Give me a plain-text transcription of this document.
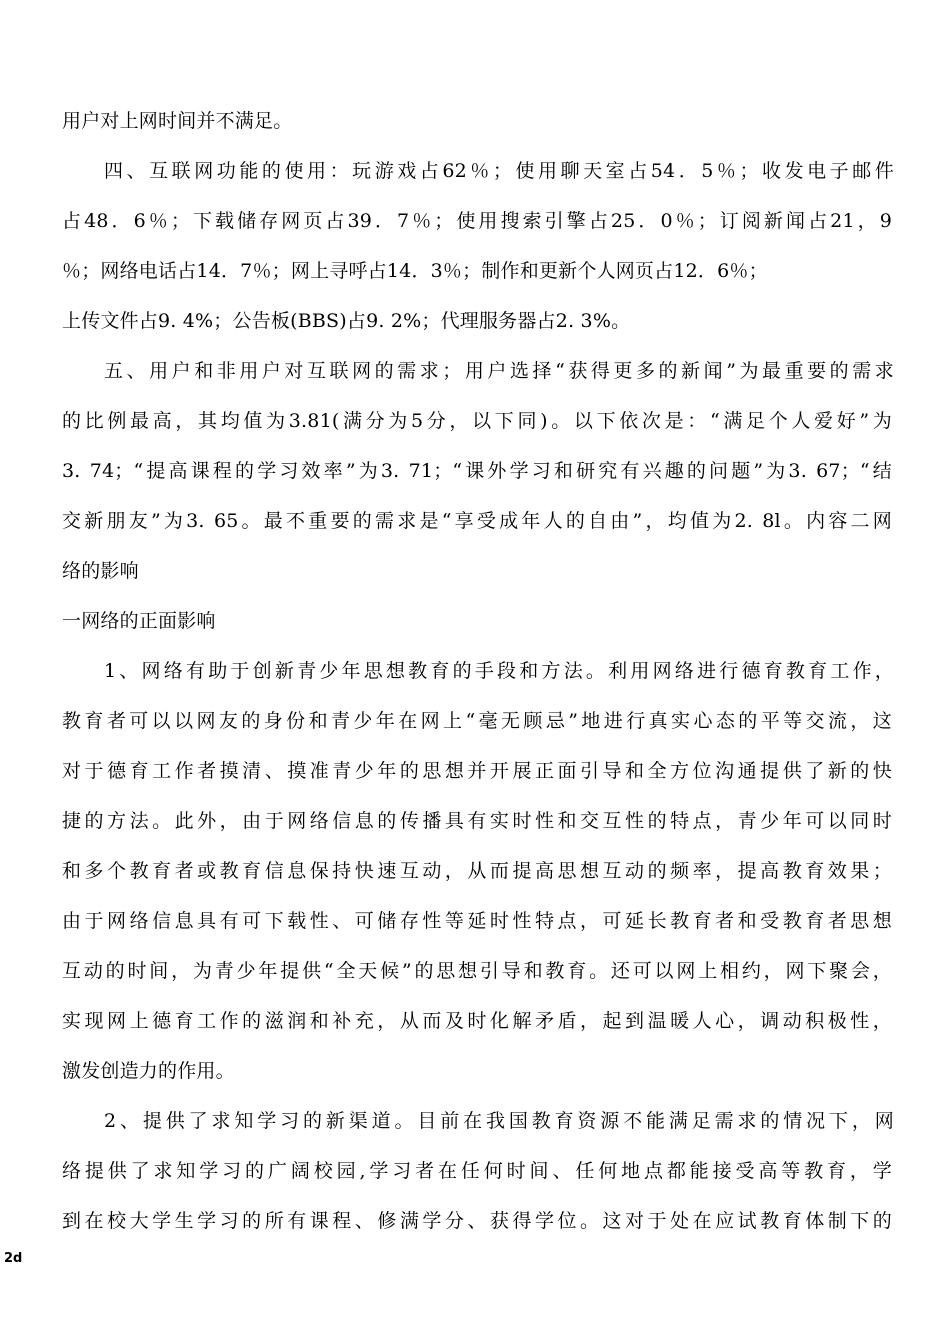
用户对上网时间并不满足。
四、互联网功能的使用：玩游戏占62％；使用聊天室占54．5％；收发电子邮件
占48．6％；下载储存网页占39．7％；使用搜索引擎占25．0％；订阅新闻占21，9
％；网络电话占14．7％；网上寻呼占14．3％；制作和更新个人网页占12．6％；
上传文件占9. 4%；公告板(BBS)占9. 2%；代理服务器占2. 3%。
五、用户和非用户对互联网的需求；用户选择“获得更多的新闻”为最重要的需求
的比例最高，其均值为3.81(满分为5分，以下同)。以下依次是：“满足个人爱好”为
3. 74；“提高课程的学习效率”为3. 71；“课外学习和研究有兴趣的问题”为3. 67；“结
交新朋友”为3. 65。最不重要的需求是“享受成年人的自由”，均值为2. 8l。内容二网
络的影响
一网络的正面影响
1、网络有助于创新青少年思想教育的手段和方法。利用网络进行德育教育工作，
教育者可以以网友的身份和青少年在网上“毫无顾忌”地进行真实心态的平等交流，这
对于德育工作者摸清、摸准青少年的思想并开展正面引导和全方位沟通提供了新的快
捷的方法。此外，由于网络信息的传播具有实时性和交互性的特点，青少年可以同时
和多个教育者或教育信息保持快速互动，从而提高思想互动的频率，提高教育效果；
由于网络信息具有可下载性、可储存性等延时性特点，可延长教育者和受教育者思想
互动的时间，为青少年提供“全天候”的思想引导和教育。还可以网上相约，网下聚会，
实现网上德育工作的滋润和补充，从而及时化解矛盾，起到温暖人心，调动积极性，
激发创造力的作用。
2、提供了求知学习的新渠道。目前在我国教育资源不能满足需求的情况下，网
络提供了求知学习的广阔校园,学习者在任何时间、任何地点都能接受高等教育，学
到在校大学生学习的所有课程、修满学分、获得学位。这对于处在应试教育体制下的
2d
